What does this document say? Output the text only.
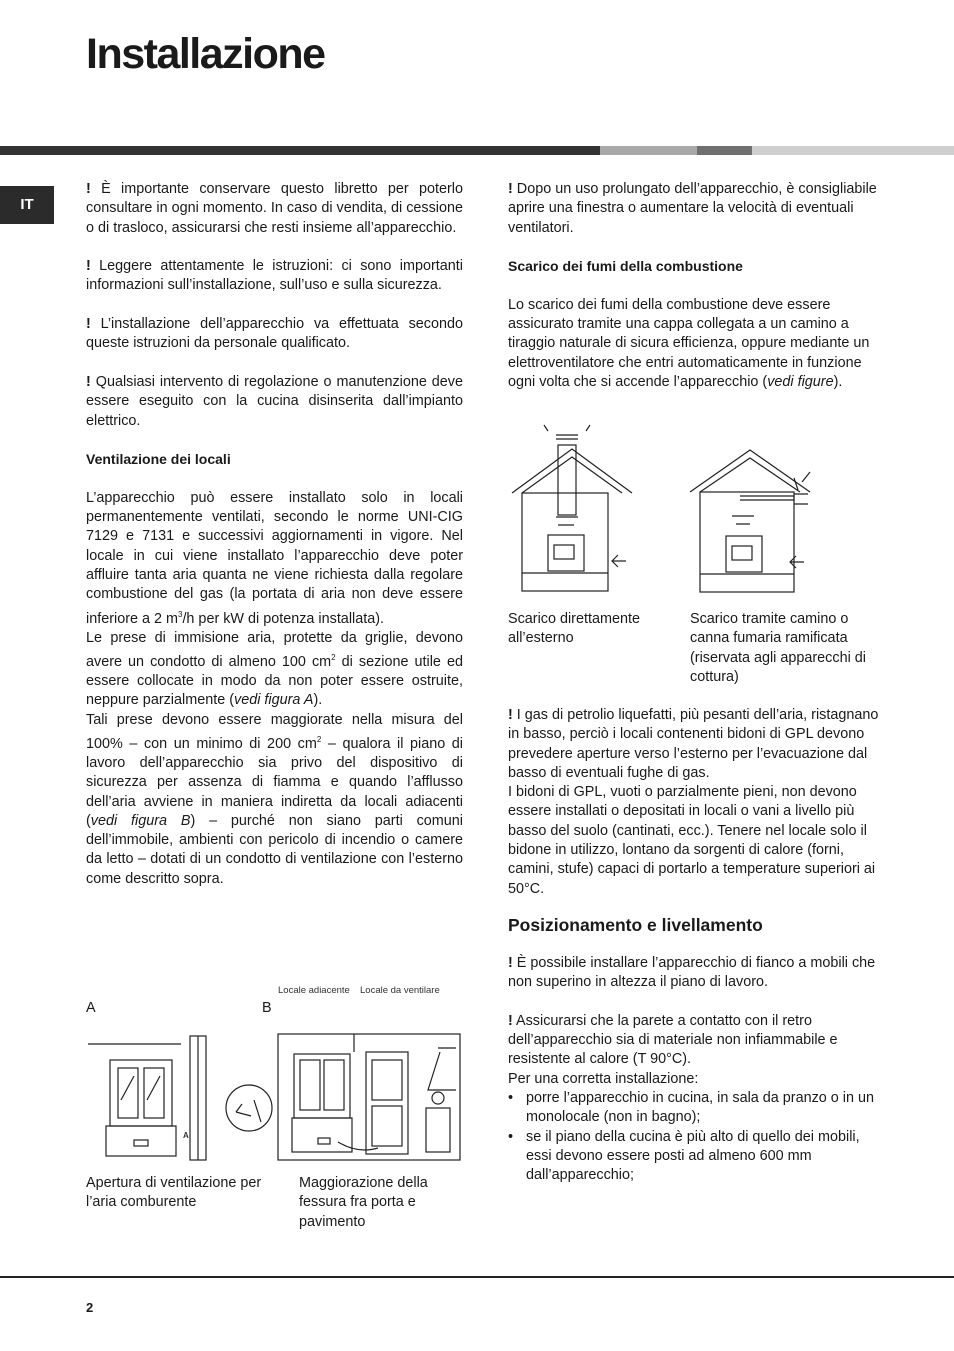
Installazione
IT

! È importante conservare questo libretto per poterlo consultare in ogni momento. In caso di vendita, di cessione o di trasloco, assicurarsi che resti insieme all’apparecchio.

! Leggere attentamente le istruzioni: ci sono importanti informazioni sull’installazione, sull’uso e sulla sicurezza.

! L’installazione dell’apparecchio va effettuata secondo queste istruzioni da personale qualificato.

! Qualsiasi intervento di regolazione o manutenzione deve essere eseguito con la cucina disinserita dall’impianto elettrico.

Ventilazione dei locali

L’apparecchio può essere installato solo in locali permanentemente ventilati, secondo le norme UNI-CIG 7129 e 7131 e successivi aggiornamenti in vigore. Nel locale in cui viene installato l’apparecchio deve poter affluire tanta aria quanta ne viene richiesta dalla regolare combustione del gas (la portata di aria non deve essere inferiore a 2 $m^3/h$ per kW di potenza installata).

Le prese di immisione aria, protette da griglie, devono avere un condotto di almeno 100 $cm^2$ di sezione utile ed essere collocate in modo da non poter essere ostruite, neppure parzialmente (vedi figura A).

Tali prese devono essere maggiorate nella misura del 100% – con un minimo di 200 $cm^2$ – qualora il piano di lavoro dell’apparecchio sia privo del dispositivo di sicurezza per assenza di fiamma e quando l’afflusso dell’aria avviene in maniera indiretta da locali adiacenti (vedi figura B) – purché non siano parti comuni dell’immobile, ambienti con pericolo di incendio o camere da letto – dotati di un condotto di ventilazione con l’esterno come descritto sopra.

Locale adiacente Locale da ventilare
A	B
A
Apertura di ventilazione per l’aria comburente
Maggiorazione della fessura fra porta e pavimento

! Dopo un uso prolungato dell’apparecchio, è consigliabile aprire una finestra o aumentare la velocità di eventuali ventilatori.

Scarico dei fumi della combustione

Lo scarico dei fumi della combustione deve essere assicurato tramite una cappa collegata a un camino a tiraggio naturale di sicura efficienza, oppure mediante un elettroventilatore che entri automaticamente in funzione ogni volta che si accende l’apparecchio (vedi figure).

Scarico direttamente all’esterno
Scarico tramite camino o canna fumaria ramificata (riservata agli apparecchi di cottura)

! I gas di petrolio liquefatti, più pesanti dell’aria, ristagnano in basso, perciò i locali contenenti bidoni di GPL devono prevedere aperture verso l’esterno per l’evacuazione dal basso di eventuali fughe di gas.

I bidoni di GPL, vuoti o parzialmente pieni, non devono essere installati o depositati in locali o vani a livello più basso del suolo (cantinati, ecc.). Tenere nel locale solo il bidone in utilizzo, lontano da sorgenti di calore (forni, camini, stufe) capaci di portarlo a temperature superiori ai 50°C.

Posizionamento e livellamento

! È possibile installare l’apparecchio di fianco a mobili che non superino in altezza il piano di lavoro.

! Assicurarsi che la parete a contatto con il retro dell’apparecchio sia di materiale non infiammabile e resistente al calore (T 90°C).

Per una corretta installazione:

• porre l’apparecchio in cucina, in sala da pranzo o in un monolocale (non in bagno);
• se il piano della cucina è più alto di quello dei mobili, essi devono essere posti ad almeno 600 mm dall’apparecchio;
2
